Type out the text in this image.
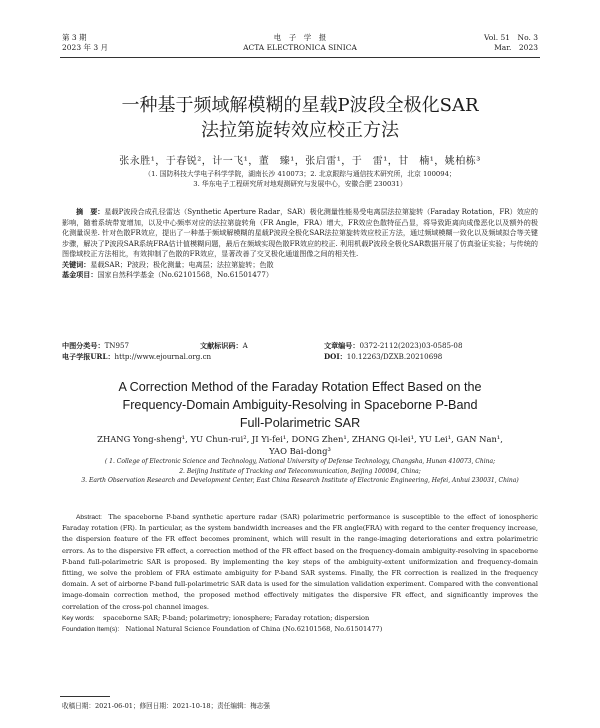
第 3 期
2023 年 3 月
电　子　学　报
ACTA ELECTRONICA SINICA
Vol. 51　No. 3
Mar.　2023
一种基于频域解模糊的星载P波段全极化SAR
法拉第旋转效应校正方法
张永胜¹，于春锐²，计一飞¹，董　臻¹，张启雷¹，于　雷¹，甘　楠¹，姚柏栋³
（1. 国防科技大学电子科学学院，湖南长沙 410073；2. 北京跟踪与通信技术研究所，北京 100094；
3. 华东电子工程研究所对地观测研究与发展中心，安徽合肥 230031）
摘　要：星载P波段合成孔径雷达（Synthetic Aperture Radar，SAR）极化测量性能易受电离层法拉第旋转（Faraday Rotation，FR）效应的影响，随着系统带宽增加，以及中心频率对应的法拉第旋转角（FR Angle，FRA）增大，FR效应色散特征凸显，将导致距离向成像恶化以及额外的极化测量误差. 针对色散FR效应，提出了一种基于频域解模糊的星载P波段全极化SAR法拉第旋转效应校正方法，通过频域模糊一致化以及频域拟合等关键步骤，解决了P波段SAR系统FRA估计值模糊问题，最后在频域实现色散FR效应的校正. 利用机载P波段全极化SAR数据开展了仿真验证实验；与传统的图像域校正方法相比，有效抑制了色散的FR效应，显著改善了交叉极化通道图像之间的相关性.
关键词：星载SAR；P波段；极化测量；电离层；法拉第旋转；色散
基金项目：国家自然科学基金（No.62101568，No.61501477）
中图分类号：TN957	文献标识码：A	文章编号：0372-2112(2023)03-0585-08
电子学报URL：http://www.ejournal.org.cn	DOI：10.12263/DZXB.20210698
A Correction Method of the Faraday Rotation Effect Based on the
Frequency-Domain Ambiguity-Resolving in Spaceborne P-Band
Full-Polarimetric SAR
ZHANG Yong-sheng¹, YU Chun-rui², JI Yi-fei¹, DONG Zhen¹, ZHANG Qi-lei¹, YU Lei¹, GAN Nan¹,
YAO Bai-dong³
( 1. College of Electronic Science and Technology, National University of Defense Technology, Changsha, Hunan 410073, China;
2. Beijing Institute of Tracking and Telecommunication, Beijing 100094, China;
3. Earth Observation Research and Development Center, East China Research Institute of Electronic Engineering, Hefei, Anhui 230031, China)
Abstract: The spaceborne P-band synthetic aperture radar (SAR) polarimetric performance is susceptible to the effect of ionospheric Faraday rotation (FR). In particular, as the system bandwidth increases and the FR angle(FRA) with regard to the center frequency increase, the dispersion feature of the FR effect becomes prominent, which will result in the range-imaging deteriorations and extra polarimetric errors. As to the dispersive FR effect, a correction method of the FR effect based on the frequency-domain ambiguity-resolving in spaceborne P-band full-polarimetric SAR is proposed. By implementing the key steps of the ambiguity-extent uniformization and frequency-domain fitting, we solve the problem of FRA estimate ambiguity for P-band SAR systems. Finally, the FR correction is realized in the frequency domain. A set of airborne P-band full-polarimetric SAR data is used for the simulation validation experiment. Compared with the conventional image-domain correction method, the proposed method effectively mitigates the dispersive FR effect, and significantly improves the correlation of the cross-pol channel images.
Key words: spaceborne SAR; P-band; polarimetry; ionosphere; Faraday rotation; dispersion
Foundation Item(s): National Natural Science Foundation of China (No.62101568, No.61501477)
收稿日期：2021-06-01；修回日期：2021-10-18；责任编辑：梅志强
